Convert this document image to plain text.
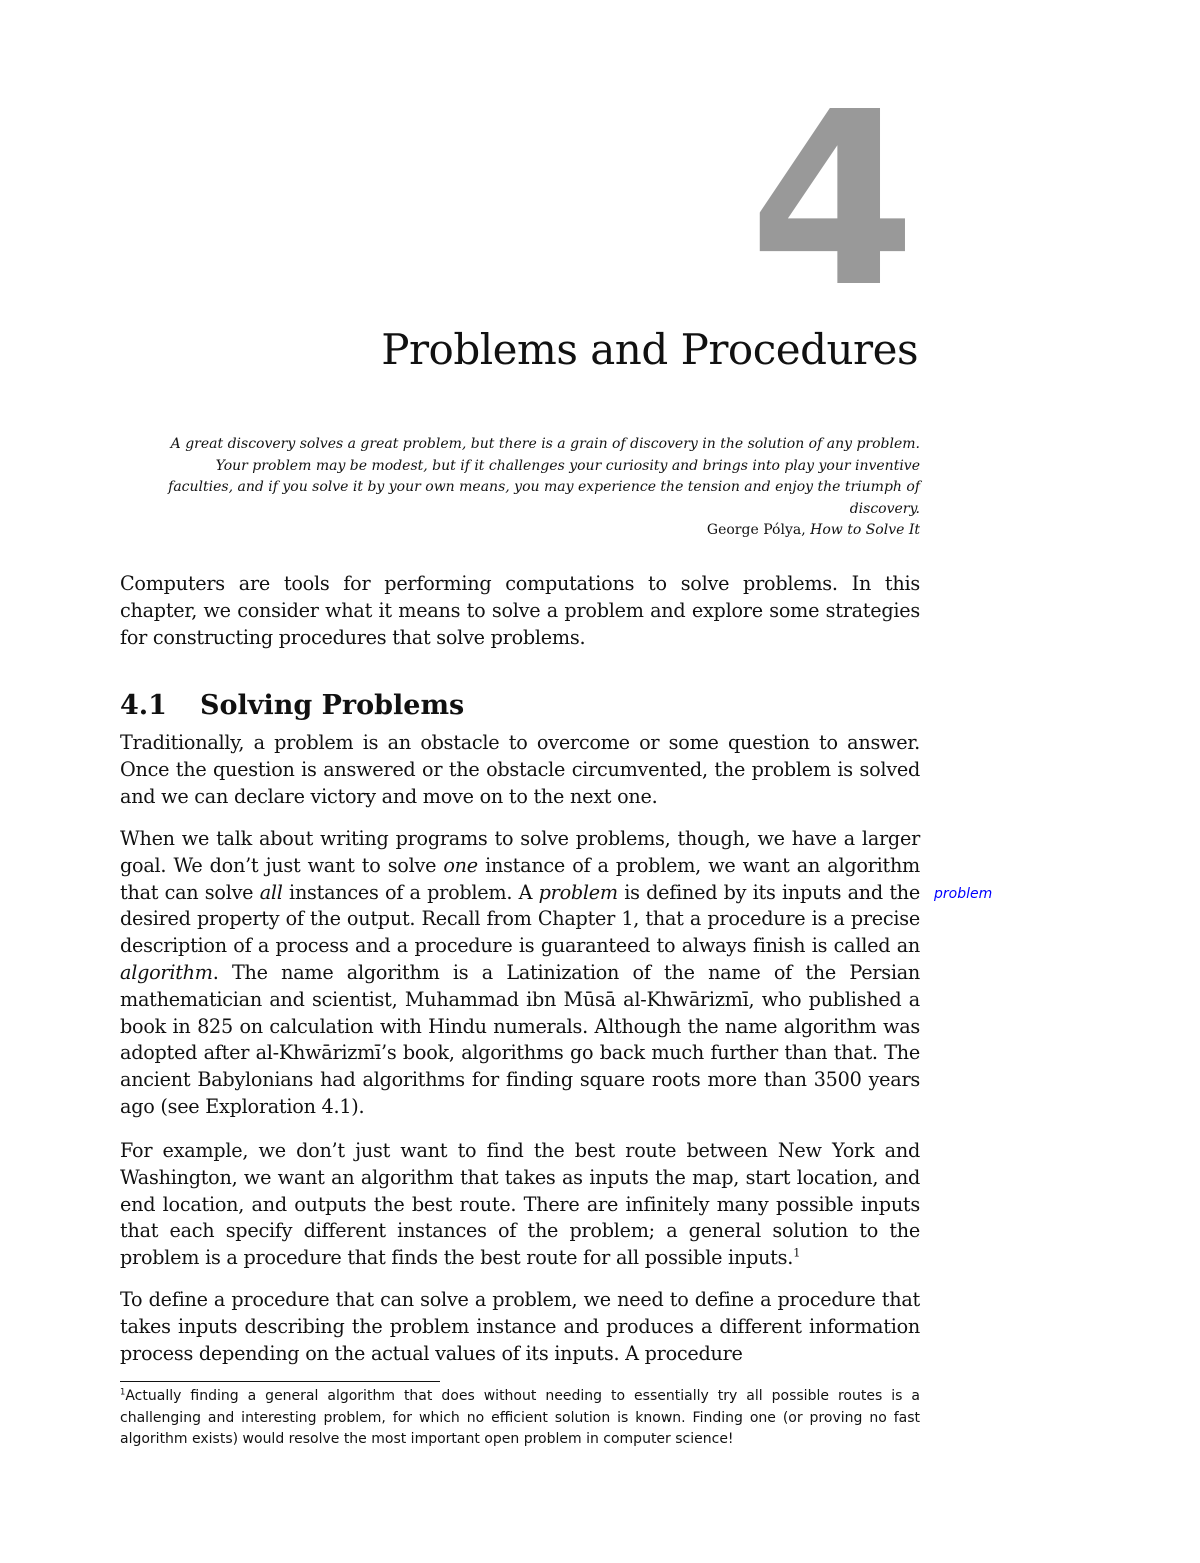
4
Problems and Procedures

A great discovery solves a great problem, but there is a grain of discovery in the solution of any problem. Your problem may be modest, but if it challenges your curiosity and brings into play your inventive faculties, and if you solve it by your own means, you may experience the tension and enjoy the triumph of discovery.

George Pólya, How to Solve It

Computers are tools for performing computations to solve problems. In this chapter, we consider what it means to solve a problem and explore some strategies for constructing procedures that solve problems.

4.1 Solving Problems

Traditionally, a problem is an obstacle to overcome or some question to answer. Once the question is answered or the obstacle circumvented, the problem is solved and we can declare victory and move on to the next one.

When we talk about writing programs to solve problems, though, we have a larger goal. We don’t just want to solve one instance of a problem, we want an algorithm that can solve all instances of a problem. A problem is defined by its inputs and the desired property of the output. Recall from Chapter 1, that a procedure is a precise description of a process and a procedure is guaranteed to always finish is called an algorithm. The name algorithm is a Latinization of the name of the Persian mathematician and scientist, Muhammad ibn Mūsā al-Khwārizmī, who published a book in 825 on calculation with Hindu numerals. Although the name algorithm was adopted after al-Khwārizmī’s book, algorithms go back much further than that. The ancient Babylonians had algorithms for finding square roots more than 3500 years ago (see Exploration 4.1).

problem

For example, we don’t just want to find the best route between New York and Washington, we want an algorithm that takes as inputs the map, start location, and end location, and outputs the best route. There are infinitely many possible inputs that each specify different instances of the problem; a general solution to the problem is a procedure that finds the best route for all possible inputs.$^1$

To define a procedure that can solve a problem, we need to define a procedure that takes inputs describing the problem instance and produces a different information process depending on the actual values of its inputs. A procedure

$^1$Actually finding a general algorithm that does without needing to essentially try all possible routes is a challenging and interesting problem, for which no efficient solution is known. Finding one (or proving no fast algorithm exists) would resolve the most important open problem in computer science!
